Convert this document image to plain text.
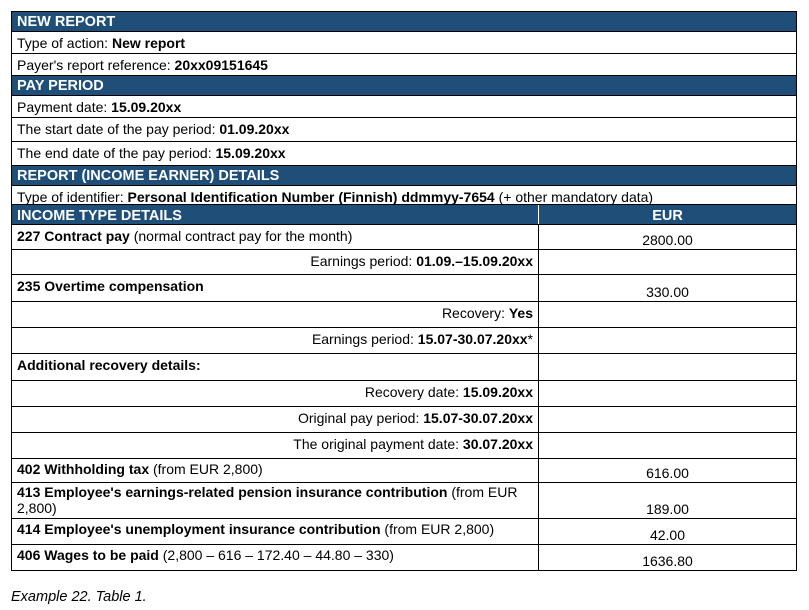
NEW REPORT
Type of action: New report
Payer's report reference: 20xx09151645
PAY PERIOD
Payment date: 15.09.20xx
The start date of the pay period: 01.09.20xx
The end date of the pay period: 15.09.20xx
REPORT (INCOME EARNER) DETAILS
Type of identifier: Personal Identification Number (Finnish) ddmmyy-7654 (+ other mandatory data)
INCOME TYPE DETAILS	EUR
227 Contract pay (normal contract pay for the month)	2800.00
Earnings period: 01.09.–15.09.20xx
235 Overtime compensation	330.00
Recovery: Yes
Earnings period: 15.07-30.07.20xx*
Additional recovery details:
Recovery date: 15.09.20xx
Original pay period: 15.07-30.07.20xx
The original payment date: 30.07.20xx
402 Withholding tax (from EUR 2,800)	616.00
413 Employee's earnings-related pension insurance contribution (from EUR 2,800)	189.00
414 Employee's unemployment insurance contribution (from EUR 2,800)	42.00
406 Wages to be paid (2,800 – 616 – 172.40 – 44.80 – 330)	1636.80
Example 22. Table 1.
